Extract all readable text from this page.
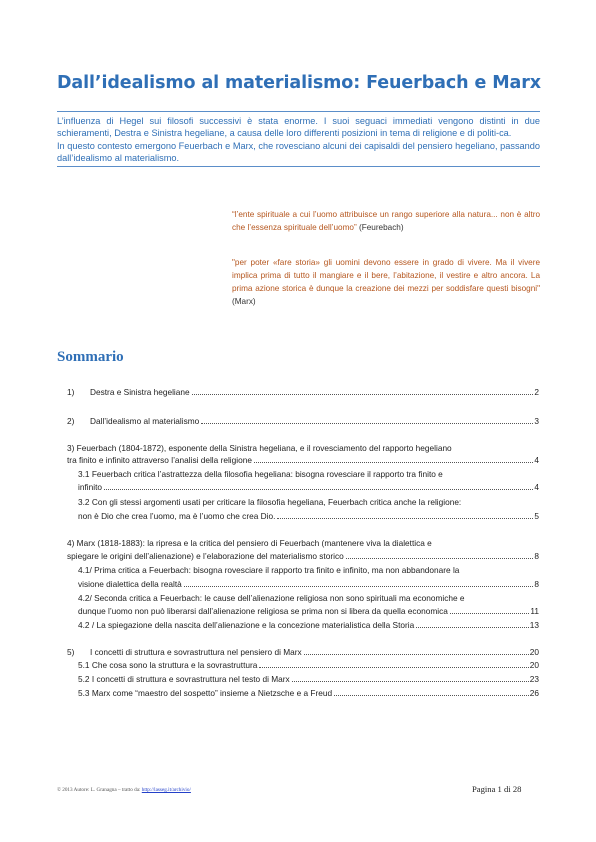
Dall’idealismo al materialismo: Feuerbach e Marx

L’influenza di Hegel sui filosofi successivi è stata enorme. I suoi seguaci immediati vengono distinti in due schieramenti, Destra e Sinistra hegeliane, a causa delle loro differenti posizioni in tema di religione e di politi-ca.

In questo contesto emergono Feuerbach e Marx, che rovesciano alcuni dei capisaldi del pensiero hegeliano, passando dall’idealismo al materialismo.

“l’ente spirituale a cui l’uomo attribuisce un rango superiore alla natura... non è altro che l’essenza spirituale dell’uomo” (Feurebach)
"per poter «fare storia» gli uomini devono essere in grado di vivere. Ma il vivere implica prima di tutto il mangiare e il bere, l’abitazione, il vestire e altro ancora. La prima azione storica è dunque la creazione dei mezzi per soddisfare questi bisogni" (Marx)
Sommario
1) Destra e Sinistra hegeliane	2
2) Dall’idealismo al materialismo	3
3) Feuerbach (1804-1872), esponente della Sinistra hegeliana, e il rovesciamento del rapporto hegeliano
tra finito e infinito attraverso l’analisi della religione	4
3.1 Feuerbach critica l’astrattezza della filosofia hegeliana: bisogna rovesciare il rapporto tra finito e
infinito	4
3.2 Con gli stessi argomenti usati per criticare la filosofia hegeliana, Feuerbach critica anche la religione:
non è Dio che crea l’uomo, ma è l’uomo che crea Dio.	5
4) Marx (1818-1883): la ripresa e la critica del pensiero di Feuerbach (mantenere viva la dialettica e
spiegare le origini dell’alienazione) e l’elaborazione del materialismo storico	8
4.1/ Prima critica a Feuerbach: bisogna rovesciare il rapporto tra finito e infinito, ma non abbandonare la
visione dialettica della realtà	8
4.2/ Seconda critica a Feuerbach: le cause dell’alienazione religiosa non sono spirituali ma economiche e
dunque l’uomo non può liberarsi dall’alienazione religiosa se prima non si libera da quella economica	11
4.2 / La spiegazione della nascita dell’alienazione e la concezione materialistica della Storia	13
5) I concetti di struttura e sovrastruttura nel pensiero di Marx	20
5.1 Che cosa sono la struttura e la sovrastruttura	20
5.2 I concetti di struttura e sovrastruttura nel testo di Marx	23
5.3 Marx come “maestro del sospetto” insieme a Nietzsche e a Freud	26
© 2013 Autore: L. Granagna – tratto da: http://lasseg.it/archivio/	Pagina 1 di 28
